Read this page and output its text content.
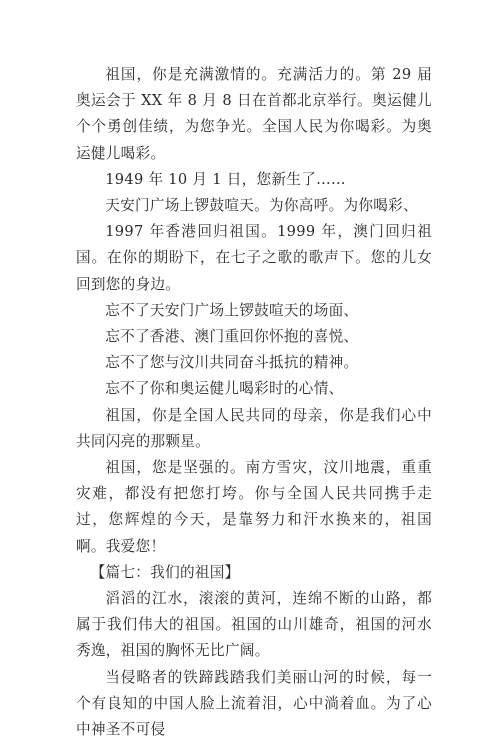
祖国，你是充满激情的。充满活力的。第 29 届奥运会于 XX 年 8 月 8 日在首都北京举行。奥运健儿个个勇创佳绩，为您争光。全国人民为你喝彩。为奥运健儿喝彩。

1949 年 10 月 1 日，您新生了……

天安门广场上锣鼓喧天。为你高呼。为你喝彩、

1997 年香港回归祖国。1999 年，澳门回归祖国。在你的期盼下，在七子之歌的歌声下。您的儿女回到您的身边。

忘不了天安门广场上锣鼓喧天的场面、

忘不了香港、澳门重回你怀抱的喜悦、

忘不了您与汶川共同奋斗抵抗的精神。

忘不了你和奥运健儿喝彩时的心情、

祖国，你是全国人民共同的母亲，你是我们心中共同闪亮的那颗星。

祖国，您是坚强的。南方雪灾，汶川地震，重重灾难，都没有把您打垮。你与全国人民共同携手走过，您辉煌的今天，是靠努力和汗水换来的，祖国啊。我爱您！

【篇七：我们的祖国】

滔滔的江水，滚滚的黄河，连绵不断的山路，都属于我们伟大的祖国。祖国的山川雄奇，祖国的河水秀逸，祖国的胸怀无比广阔。

当侵略者的铁蹄践踏我们美丽山河的时候，每一个有良知的中国人脸上流着泪，心中淌着血。为了心中神圣不可侵
